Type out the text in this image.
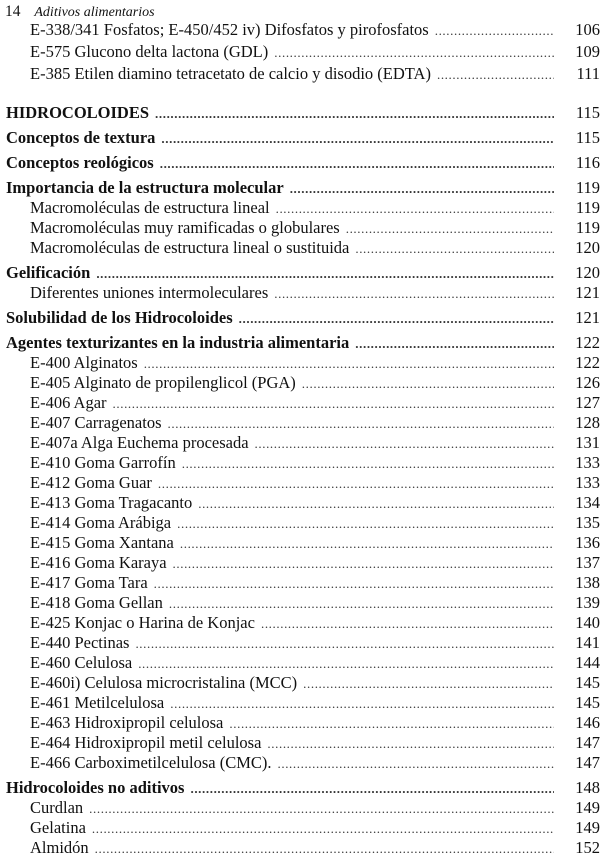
14 Aditivos alimentarios
E-338/341 Fosfatos; E-450/452 iv) Difosfatos y pirofosfatos .....	106
E-575 Glucono delta lactona (GDL) .....	109
E-385 Etilen diamino tetracetato de calcio y disodio (EDTA) .....	111
HIDROCOLOIDES .....	115
Conceptos de textura .....	115
Conceptos reológicos .....	116
Importancia de la estructura molecular .....	119
Macromoléculas de estructura lineal .....	119
Macromoléculas muy ramificadas o globulares .....	119
Macromoléculas de estructura lineal o sustituida .....	120
Gelificación .....	120
Diferentes uniones intermoleculares .....	121
Solubilidad de los Hidrocoloides .....	121
Agentes texturizantes en la industria alimentaria .....	122
E-400 Alginatos .....	122
E-405 Alginato de propilenglicol (PGA) .....	126
E-406 Agar .....	127
E-407 Carragenatos .....	128
E-407a Alga Euchema procesada .....	131
E-410 Goma Garrofín .....	133
E-412 Goma Guar .....	133
E-413 Goma Tragacanto .....	134
E-414 Goma Arábiga .....	135
E-415 Goma Xantana .....	136
E-416 Goma Karaya .....	137
E-417 Goma Tara .....	138
E-418 Goma Gellan .....	139
E-425 Konjac o Harina de Konjac .....	140
E-440 Pectinas .....	141
E-460 Celulosa .....	144
E-460i) Celulosa microcristalina (MCC) .....	145
E-461 Metilcelulosa .....	145
E-463 Hidroxipropil celulosa .....	146
E-464 Hidroxipropil metil celulosa .....	147
E-466 Carboximetilcelulosa (CMC). .....	147
Hidrocoloides no aditivos .....	148
Curdlan .....	149
Gelatina .....	149
Almidón .....	152
